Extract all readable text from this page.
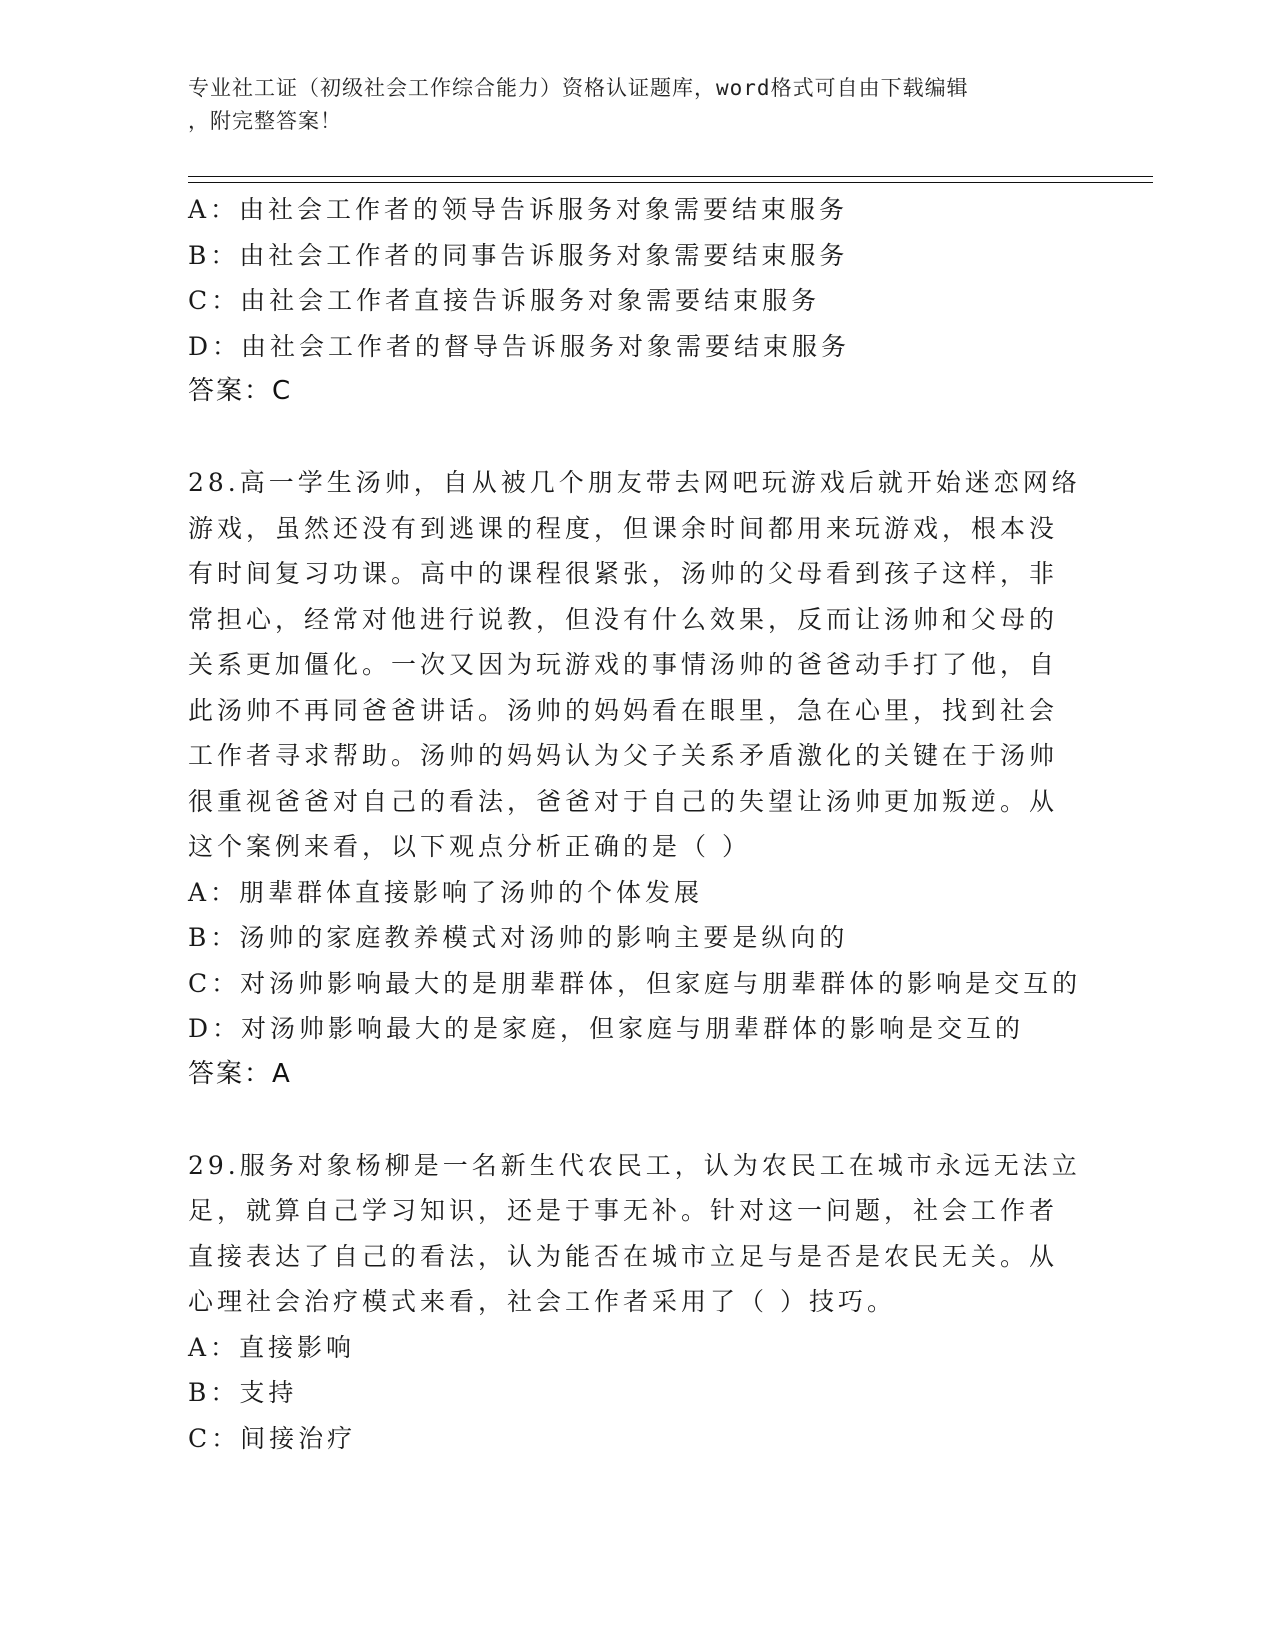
专业社工证（初级社会工作综合能力）资格认证题库，word格式可自由下载编辑
，附完整答案！
A：由社会工作者的领导告诉服务对象需要结束服务
B：由社会工作者的同事告诉服务对象需要结束服务
C：由社会工作者直接告诉服务对象需要结束服务
D：由社会工作者的督导告诉服务对象需要结束服务
答案：C
28.高一学生汤帅，自从被几个朋友带去网吧玩游戏后就开始迷恋网络
游戏，虽然还没有到逃课的程度，但课余时间都用来玩游戏，根本没
有时间复习功课。高中的课程很紧张，汤帅的父母看到孩子这样，非
常担心，经常对他进行说教，但没有什么效果，反而让汤帅和父母的
关系更加僵化。一次又因为玩游戏的事情汤帅的爸爸动手打了他，自
此汤帅不再同爸爸讲话。汤帅的妈妈看在眼里，急在心里，找到社会
工作者寻求帮助。汤帅的妈妈认为父子关系矛盾激化的关键在于汤帅
很重视爸爸对自己的看法，爸爸对于自己的失望让汤帅更加叛逆。从
这个案例来看，以下观点分析正确的是（ ）
A：朋辈群体直接影响了汤帅的个体发展
B：汤帅的家庭教养模式对汤帅的影响主要是纵向的
C：对汤帅影响最大的是朋辈群体，但家庭与朋辈群体的影响是交互的
D：对汤帅影响最大的是家庭，但家庭与朋辈群体的影响是交互的
答案：A
29.服务对象杨柳是一名新生代农民工，认为农民工在城市永远无法立
足，就算自己学习知识，还是于事无补。针对这一问题，社会工作者
直接表达了自己的看法，认为能否在城市立足与是否是农民无关。从
心理社会治疗模式来看，社会工作者采用了（ ）技巧。
A：直接影响
B：支持
C：间接治疗
